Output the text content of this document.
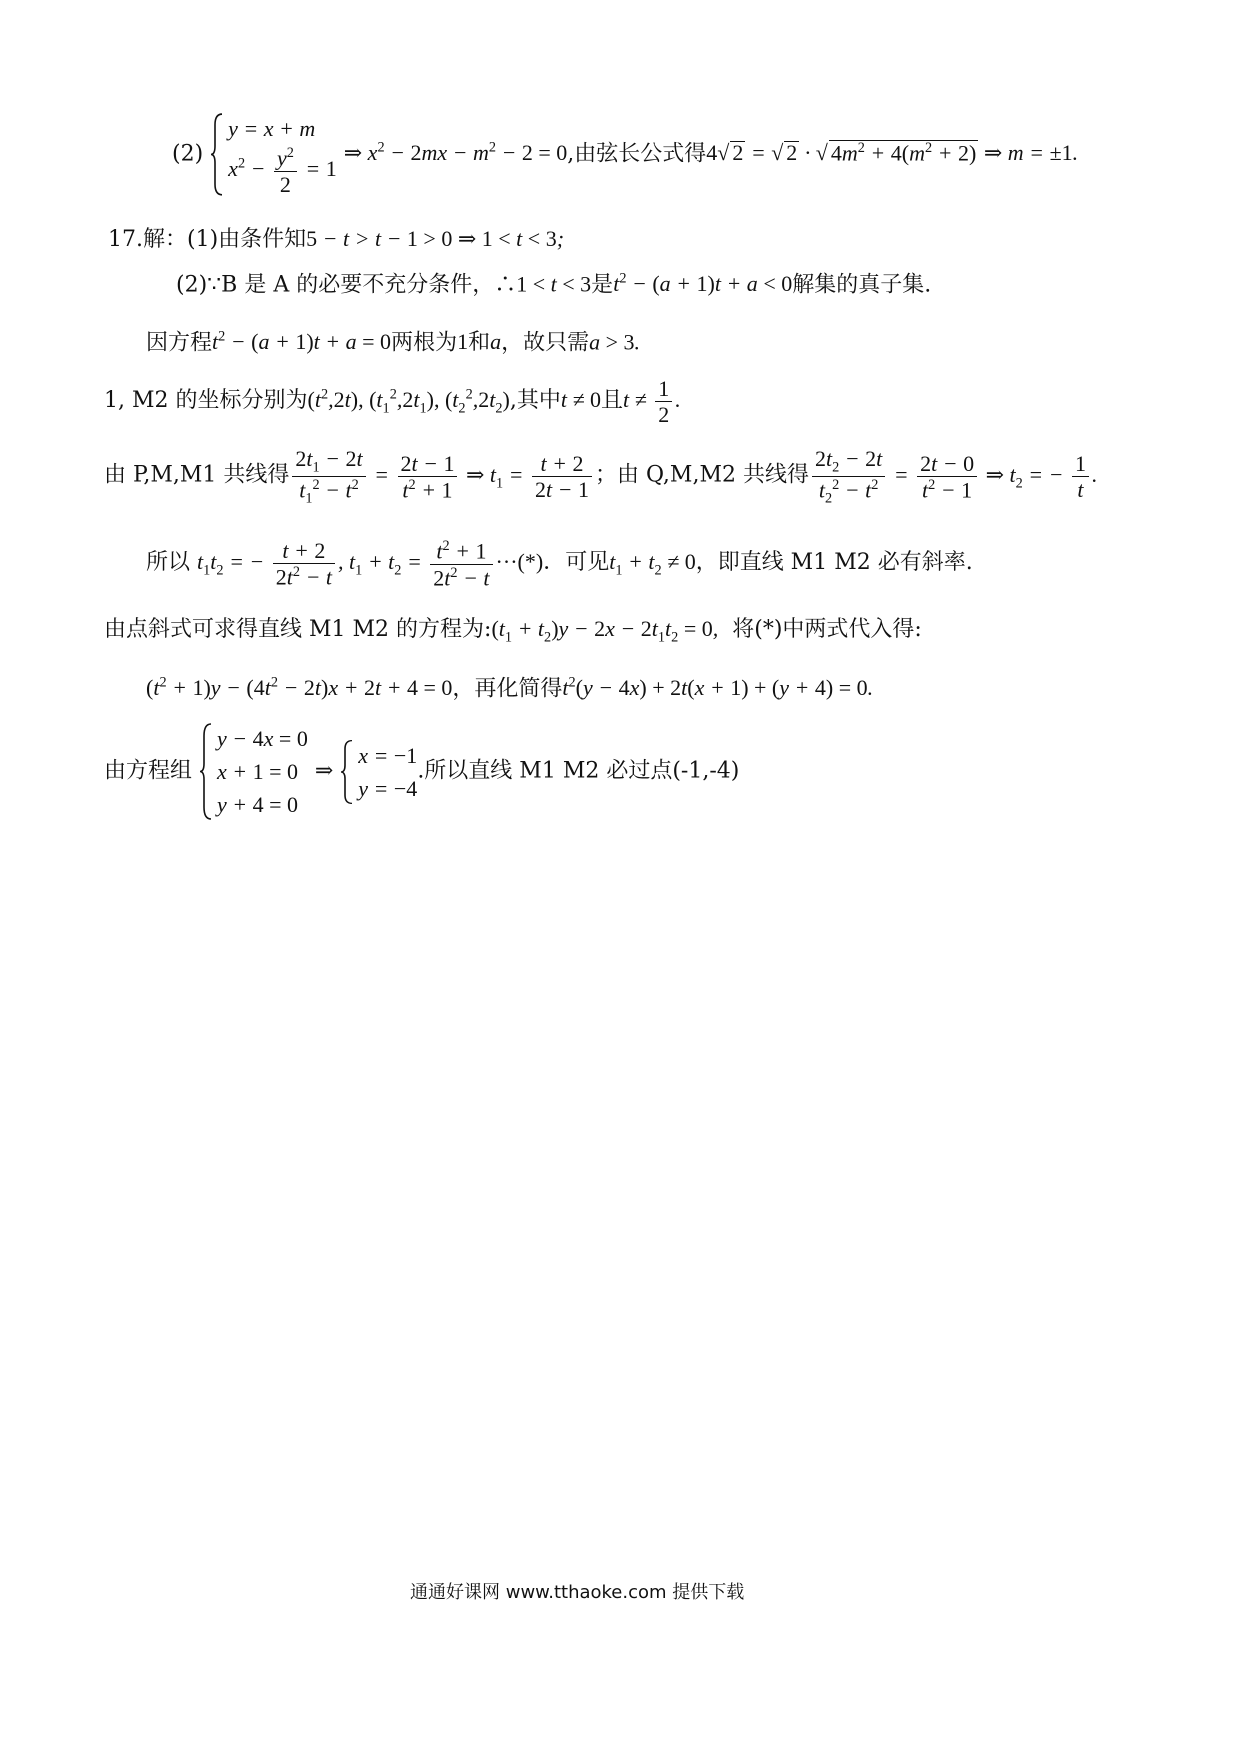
(2)
y = x + m
$x^2 - \frac{y^2}{2} = 1$
⇒ $x^2 - 2mx - m^2 - 2 = 0$,由弦长公式得4√ 2 = √ 2 · √ $4m^2 + 4(m^2 + 2)$ ⇒ m = ±1.
17.解：(1)由条件知5 − t > t − 1 > 0 ⇒ 1 < t < 3;
(2)∵B 是 A 的必要不充分条件，∴1 < t < 3是$t^2 - (a + 1)t + a < 0$解集的真子集.
因方程$t^2 - (a + 1)t + a = 0$两根为1和a，故只需a > 3.
1, M2 的坐标分别为$(t^2,2t)$, $(t_1^2,2t_1)$, $(t_2^2,2t_2)$,其中t ≠ 0且$t \ne \frac{1}{2}$ .
由 P,M,M1 共线得 $\frac{2t_1 - 2t}{t_1^2 - t^2} = \frac{2t - 1}{t^2 + 1}$ ⇒ $t_1 = \frac{t + 2}{2t - 1}$ ；由 Q,M,M2 共线得 $\frac{2t_2 - 2t}{t_2^2 - t^2} = \frac{2t - 0}{t^2 - 1}$ ⇒ $t_2$ = − $\frac{1}{t}$ .
所以 $t_1t_2$ = − $\frac{t + 2}{2t^2 - t}$ , $t_1 + t_2 = \frac{t^2 + 1}{2t^2 - t}$ ···(*)．可见$t_1 + t_2 \ne 0$，即直线 M1 M2 必有斜率.
由点斜式可求得直线 M1 M2 的方程为$:(t_1 + t_2)y - 2x - 2t_1t_2 = 0$, 将(*)中两式代入得:
$(t^2 + 1)y - (4t^2 - 2t)x + 2t + 4 = 0$，再化简得$t^2(y - 4x) + 2t(x + 1) + (y + 4) = 0$.
由方程组
y − 4x = 0
x + 1 = 0
y + 4 = 0
⇒
x = −1
y = −4
.所以直线 M1 M2 必过点(-1,-4)
通通好课网 www.tthaoke.com 提供下载
